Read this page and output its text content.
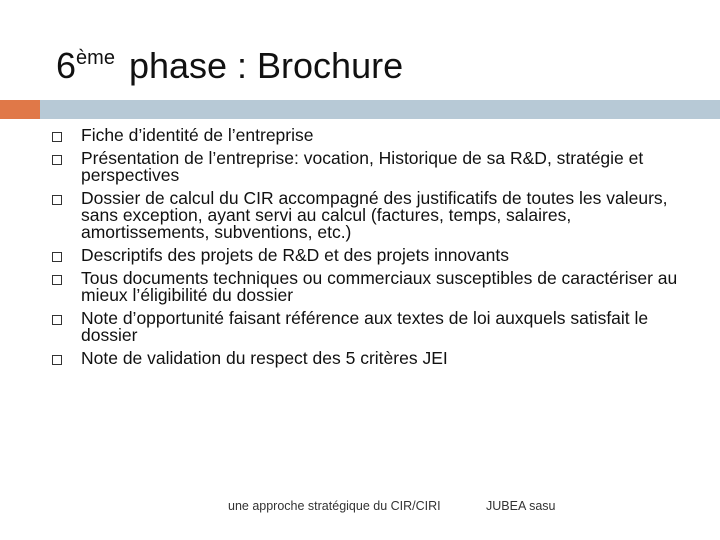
6ème phase : Brochure
Fiche d’identité de l’entreprise
Présentation de l’entreprise: vocation, Historique de sa R&D, stratégie et perspectives
Dossier de calcul du CIR accompagné des justificatifs de toutes les valeurs, sans exception, ayant servi au calcul (factures, temps, salaires, amortissements, subventions, etc.)
Descriptifs des projets de R&D et des projets innovants
Tous documents techniques ou commerciaux susceptibles de caractériser au mieux l’éligibilité du dossier
Note d’opportunité faisant référence aux textes de loi auxquels satisfait le dossier
Note de validation du respect des 5 critères JEI
une approche stratégique du CIR/CIRI	JUBEA sasu
